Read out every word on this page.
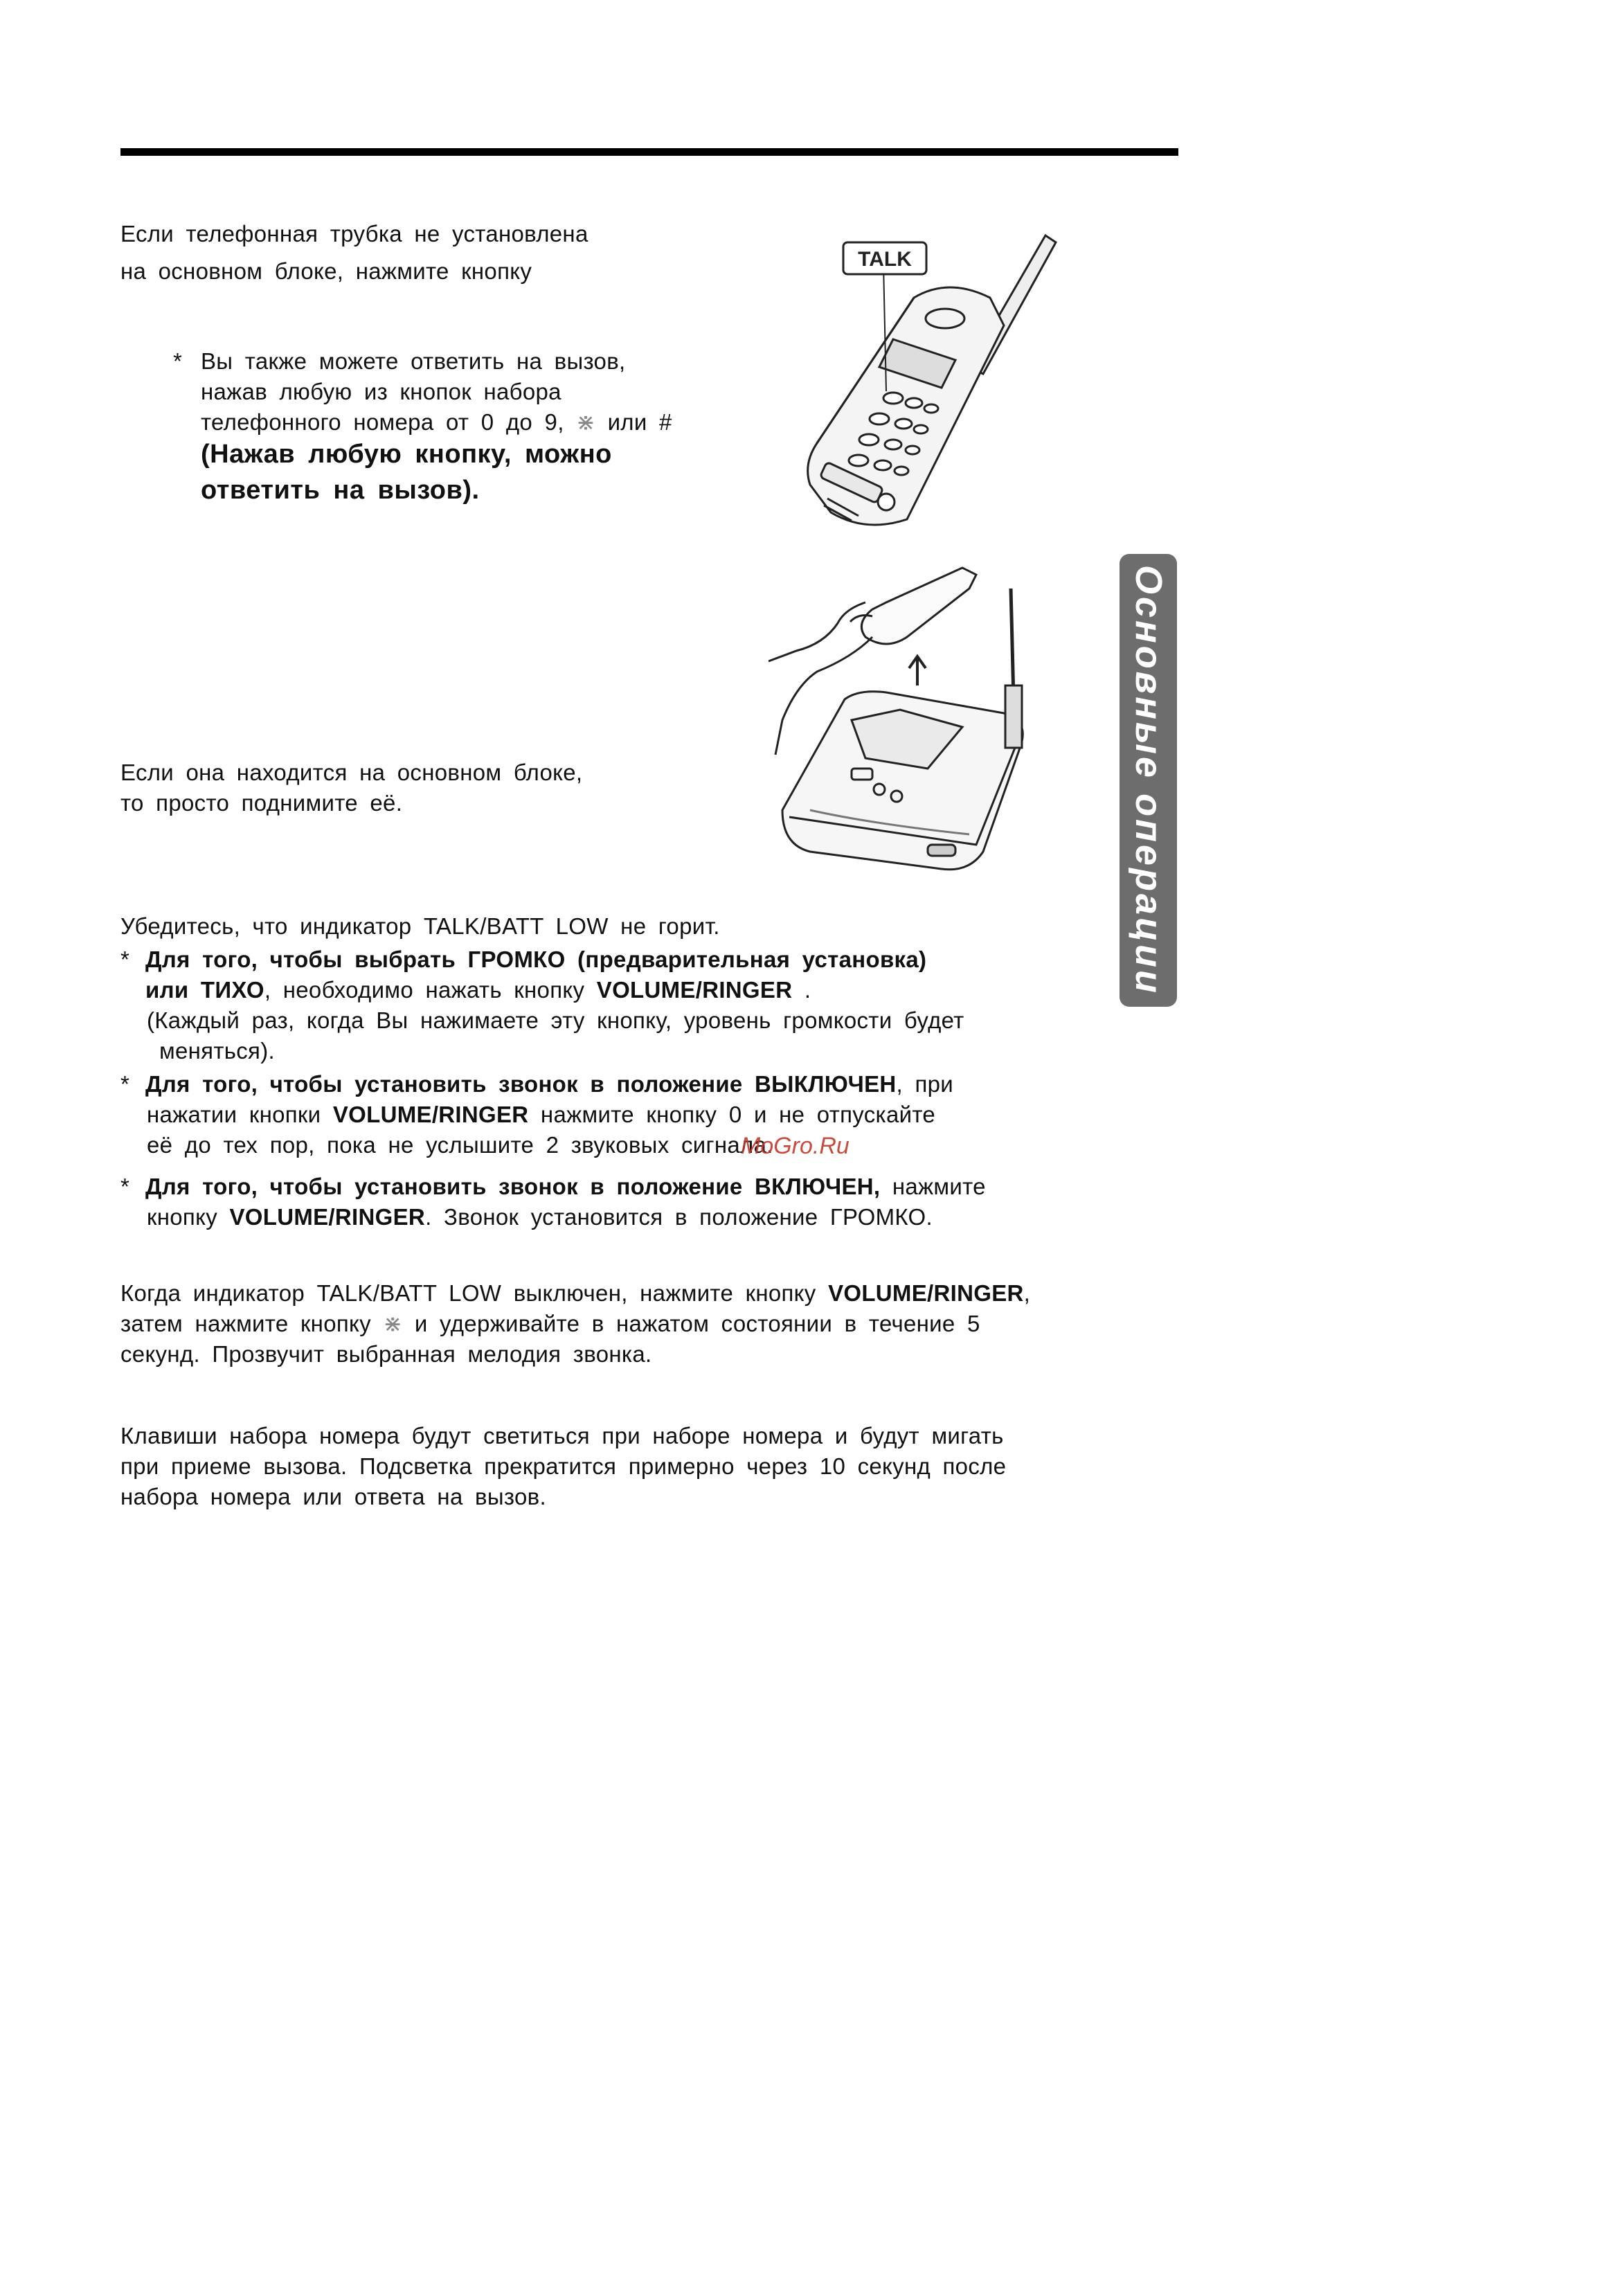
Если телефонная трубка не установлена
на основном блоке, нажмите кнопку
* Вы также можете ответить на вызов,
нажав любую из кнопок набора
телефонного номера от 0 до 9, ⋇ или #
(Нажав любую кнопку, можно
ответить на вызов).
Если она находится на основном блоке,
то просто поднимите её.
Убедитесь, что индикатор TALK/BATT LOW не горит.
* Для того, чтобы выбрать ГРОМКО (предварительная установка)
или ТИХО, необходимо нажать кнопку VOLUME/RINGER .
(Каждый раз, когда Вы нажимаете эту кнопку, уровень громкости будет
меняться).
* Для того, чтобы установить звонок в положение ВЫКЛЮЧЕН, при
нажатии кнопки VOLUME/RINGER нажмите кнопку 0 и не отпускайте
её до тех пор, пока не услышите 2 звуковых сигнала.
* Для того, чтобы установить звонок в положение ВКЛЮЧЕН, нажмите
кнопку VOLUME/RINGER. Звонок установится в положение ГРОМКО.
Когда индикатор TALK/BATT LOW выключен, нажмите кнопку VOLUME/RINGER,
затем нажмите кнопку ⋇ и удерживайте в нажатом состоянии в течение 5
секунд. Прозвучит выбранная мелодия звонка.
Клавиши набора номера будут светиться при наборе номера и будут мигать
при приеме вызова. Подсветка прекратится примерно через 10 секунд после
набора номера или ответа на вызов.
Основные операции
MoGro.Ru
TALK
